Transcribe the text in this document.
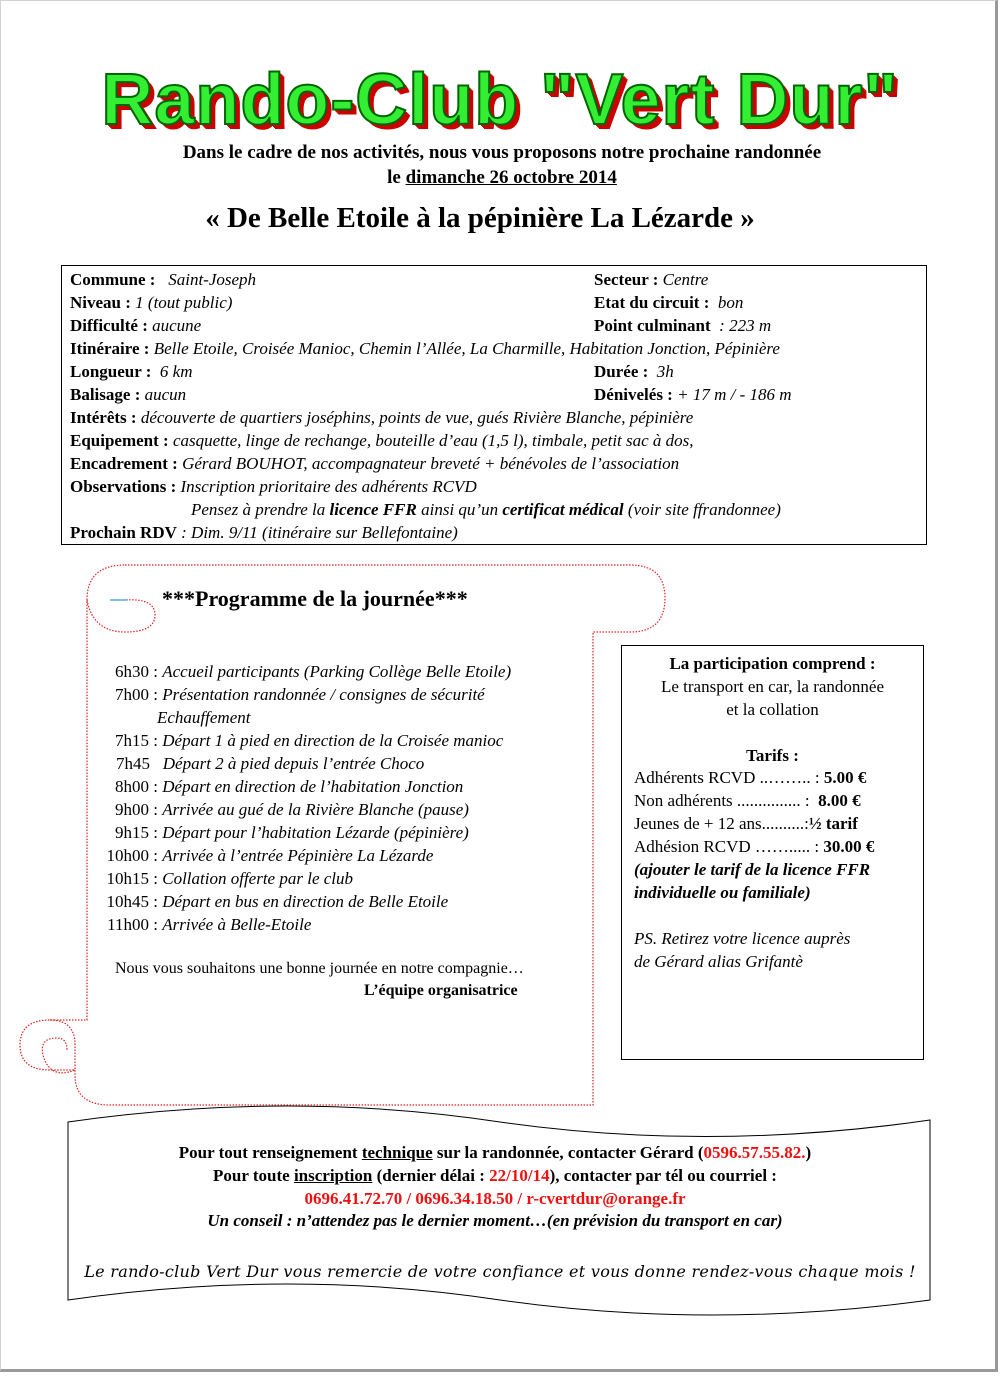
Rando-Club "Vert Dur"
Dans le cadre de nos activités, nous vous proposons notre prochaine randonnée
le dimanche 26 octobre 2014
« De Belle Etoile à la pépinière La Lézarde »
Commune : Saint-Joseph	Secteur : Centre
Niveau : 1 (tout public)	Etat du circuit : bon
Difficulté : aucune	Point culminant : 223 m
Itinéraire : Belle Etoile, Croisée Manioc, Chemin l’Allée, La Charmille, Habitation Jonction, Pépinière
Longueur : 6 km	Durée : 3h
Balisage : aucun	Dénivelés : + 17 m / - 186 m
Intérêts : découverte de quartiers joséphins, points de vue, gués Rivière Blanche, pépinière
Equipement : casquette, linge de rechange, bouteille d’eau (1,5 l), timbale, petit sac à dos,
Encadrement : Gérard BOUHOT, accompagnateur breveté + bénévoles de l’association
Observations : Inscription prioritaire des adhérents RCVD
Pensez à prendre la licence FFR ainsi qu’un certificat médical (voir site ffrandonnee)
Prochain RDV : Dim. 9/11 (itinéraire sur Bellefontaine)
***Programme de la journée***
6h30 : Accueil participants (Parking Collège Belle Etoile)
7h00 : Présentation randonnée / consignes de sécurité
Echauffement
7h15 : Départ 1 à pied en direction de la Croisée manioc
7h45 Départ 2 à pied depuis l’entrée Choco
8h00 : Départ en direction de l’habitation Jonction
9h00 : Arrivée au gué de la Rivière Blanche (pause)
9h15 : Départ pour l’habitation Lézarde (pépinière)
10h00 : Arrivée à l’entrée Pépinière La Lézarde
10h15 : Collation offerte par le club
10h45 : Départ en bus en direction de Belle Etoile
11h00 : Arrivée à Belle-Etoile
Nous vous souhaitons une bonne journée en notre compagnie…
L’équipe organisatrice
La participation comprend :
Le transport en car, la randonnée
et la collation
Tarifs :
Adhérents RCVD ..…….. : 5.00 €
Non adhérents ............... : 8.00 €
Jeunes de + 12 ans..........:½ tarif
Adhésion RCVD ……..... : 30.00 €
(ajouter le tarif de la licence FFR
individuelle ou familiale)
PS. Retirez votre licence auprès
de Gérard alias Grifantè
Pour tout renseignement technique sur la randonnée, contacter Gérard (0596.57.55.82.)
Pour toute inscription (dernier délai : 22/10/14), contacter par tél ou courriel :
0696.41.72.70 / 0696.34.18.50 / r-cvertdur@orange.fr
Un conseil : n’attendez pas le dernier moment…(en prévision du transport en car)
Le rando-club Vert Dur vous remercie de votre confiance et vous donne rendez-vous chaque mois !
